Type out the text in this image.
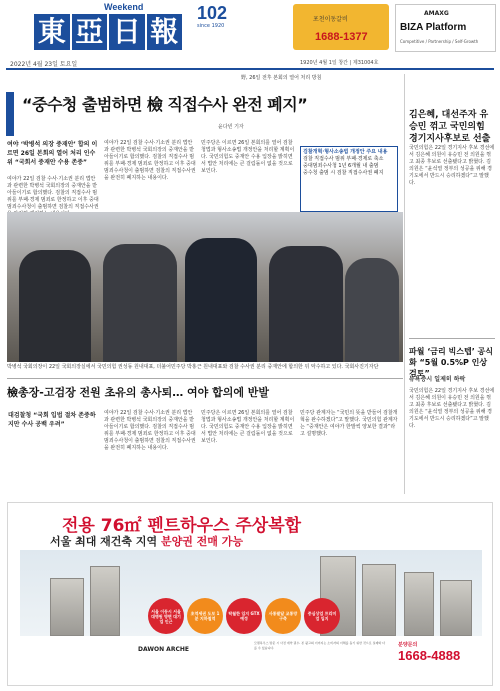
Weekend
東 亞 日 報
2022년 4월 23일 토요일
102
since 1920
포천이동갈비
1688-1377
AMAXG
BIZA Platform
Competitive / Partnership / Self-Growth
1920년 4월 1일 창간 | 제31004호
野, 26일 전후 본회의 열어 처리 방침
“중수청 출범하면 檢 직접수사 완전 폐지”
윤다빈 기자
여야 ‘박병석 의장 중재안’ 합의 이르면 26일 본회의 열어 처리 인수위 “국회서 중재안 수용 존중”
여야가 22일 검찰 수사·기소권 분리 법안과 관련한 박병석 국회의장의 중재안을 받아들이기로 합의했다. 검찰의 직접수사 범위를 부패·경제 범죄로 한정하고 이후 중대범죄수사청이 출범하면 검찰의 직접수사권
여야가 22일 검찰 수사·기소권 분리 법안과 관련한 박병석 국회의장의 중재안을 받아들이기로 합의했다. 검찰의 직접수사 범위를 부패·경제 범죄로 한정하고 이후 중대범죄수사청이 출범하면 검찰의 직접수사권을 완전히 폐지하는 내용이다.
민주당은 이르면 26일 본회의를 열어 검찰청법과 형사소송법 개정안을 처리할 계획이다. 국민의힘도 중재안 수용 입장을 밝히면서 법안 처리에는 큰 걸림돌이 없을 것으로 보인다.
검찰개혁·형사소송법 개정안 주요 내용
검찰 직접수사 범위 부패·경제로 축소
중대범죄수사청 1년 6개월 내 출범
중수청 출범 시 검찰 직접수사권 폐지
박병석 국회의장이 22일 국회의장실에서 국민의힘 권성동 원내대표, 더불어민주당 박홍근 원내대표와 검찰 수사권 분리 중재안에 합의한 뒤 악수하고 있다. 국회사진기자단
김은혜, 대선주자 유승민 꺾고 국민의힘 경기지사후보로 선출
국민의힘은 22일 경기지사 후보 경선에서 김은혜 의원이 유승민 전 의원을 꺾고 최종 후보로 선출됐다고 밝혔다. 김 의원은 “윤석열 정부의 성공을 위해 경기도에서 반드시 승리하겠다”고 말했다.
파월 ‘금리 빅스텝’ 공식화 “5월 0.5%P 인상 검토”
뉴욕증시 일제히 하락
국민의힘은 22일 경기지사 후보 경선에서 김은혜 의원이 유승민 전 의원을 꺾고 최종 후보로 선출됐다고 밝혔다. 김 의원은 “윤석열 정부의 성공을 위해 경기도에서 반드시 승리하겠다”고 말했다.
檢총장-고검장 전원 초유의 총사퇴… 여야 합의에 반발
대검찰청 “국회 입법 절차 존중하지만 수사 공백 우려”
여야가 22일 검찰 수사·기소권 분리 법안과 관련한 박병석 국회의장의 중재안을 받아들이기로 합의했다. 검찰의 직접수사 범위를 부패·경제 범죄로 한정하고 이후 중대범죄수사청이 출범하면 검찰의 직접수사권을 완전히 폐지하는 내용이다.
민주당은 이르면 26일 본회의를 열어 검찰청법과 형사소송법 개정안을 처리할 계획이다. 국민의힘도 중재안 수용 입장을 밝히면서 법안 처리에는 큰 걸림돌이 없을 것으로 보인다.
민주당 관계자는 “국민의 뜻을 받들어 검찰개혁을 완수하겠다”고 말했다. 국민의힘 관계자는 “중재안은 여야가 한발씩 양보한 결과”라고 설명했다.
전용 76㎡ 펜트하우스 주상복합
서울 최대 재건축 지역 분양권 전매 가능
서울 이동시 서울대병원 방면 대기업 인근
초역세권 도보 1분 지하철역
탁월한 입지 GTX 예정
사통팔달 교통망 구축
중심상업 프리미엄 입지
DAWON ARCHE
모델하우스 방문 시 사전 예약 필수. 본 광고의 이미지는 소비자의 이해를 돕기 위한 것으로 실제와 다를 수 있습니다.	분양문의
1668-4888
